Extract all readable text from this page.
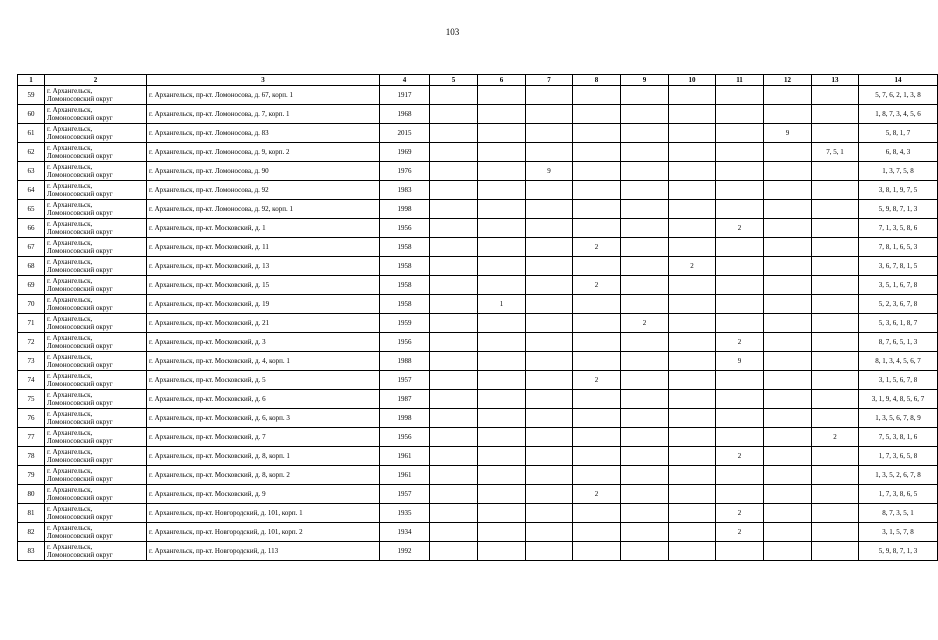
103
1	2	3	4	5	6	7	8	9	10	11	12	13	14
59	г. Архангельск,
Ломоносовский округ	г. Архангельск, пр-кт. Ломоносова, д. 67, корп. 1	1917										5, 7, 6, 2, 1, 3, 8
60	г. Архангельск,
Ломоносовский округ	г. Архангельск, пр-кт. Ломоносова, д. 7, корп. 1	1968										1, 8, 7, 3, 4, 5, 6
61	г. Архангельск,
Ломоносовский округ	г. Архангельск, пр-кт. Ломоносова, д. 83	2015								9		5, 8, 1, 7
62	г. Архангельск,
Ломоносовский округ	г. Архангельск, пр-кт. Ломоносова, д. 9, корп. 2	1969									7, 5, 1	6, 8, 4, 3
63	г. Архангельск,
Ломоносовский округ	г. Архангельск, пр-кт. Ломоносова, д. 90	1976			9							1, 3, 7, 5, 8
64	г. Архангельск,
Ломоносовский округ	г. Архангельск, пр-кт. Ломоносова, д. 92	1983										3, 8, 1, 9, 7, 5
65	г. Архангельск,
Ломоносовский округ	г. Архангельск, пр-кт. Ломоносова, д. 92, корп. 1	1998										5, 9, 8, 7, 1, 3
66	г. Архангельск,
Ломоносовский округ	г. Архангельск, пр-кт. Московский, д. 1	1956							2			7, 1, 3, 5, 8, 6
67	г. Архангельск,
Ломоносовский округ	г. Архангельск, пр-кт. Московский, д. 11	1958				2						7, 8, 1, 6, 5, 3
68	г. Архангельск,
Ломоносовский округ	г. Архангельск, пр-кт. Московский, д. 13	1958						2				3, 6, 7, 8, 1, 5
69	г. Архангельск,
Ломоносовский округ	г. Архангельск, пр-кт. Московский, д. 15	1958				2						3, 5, 1, 6, 7, 8
70	г. Архангельск,
Ломоносовский округ	г. Архангельск, пр-кт. Московский, д. 19	1958		1								5, 2, 3, 6, 7, 8
71	г. Архангельск,
Ломоносовский округ	г. Архангельск, пр-кт. Московский, д. 21	1959					2					5, 3, 6, 1, 8, 7
72	г. Архангельск,
Ломоносовский округ	г. Архангельск, пр-кт. Московский, д. 3	1956							2			8, 7, 6, 5, 1, 3
73	г. Архангельск,
Ломоносовский округ	г. Архангельск, пр-кт. Московский, д. 4, корп. 1	1988							9			8, 1, 3, 4, 5, 6, 7
74	г. Архангельск,
Ломоносовский округ	г. Архангельск, пр-кт. Московский, д. 5	1957				2						3, 1, 5, 6, 7, 8
75	г. Архангельск,
Ломоносовский округ	г. Архангельск, пр-кт. Московский, д. 6	1987										3, 1, 9, 4, 8, 5, 6, 7
76	г. Архангельск,
Ломоносовский округ	г. Архангельск, пр-кт. Московский, д. 6, корп. 3	1998										1, 3, 5, 6, 7, 8, 9
77	г. Архангельск,
Ломоносовский округ	г. Архангельск, пр-кт. Московский, д. 7	1956									2	7, 5, 3, 8, 1, 6
78	г. Архангельск,
Ломоносовский округ	г. Архангельск, пр-кт. Московский, д. 8, корп. 1	1961							2			1, 7, 3, 6, 5, 8
79	г. Архангельск,
Ломоносовский округ	г. Архангельск, пр-кт. Московский, д. 8, корп. 2	1961										1, 3, 5, 2, 6, 7, 8
80	г. Архангельск,
Ломоносовский округ	г. Архангельск, пр-кт. Московский, д. 9	1957				2						1, 7, 3, 8, 6, 5
81	г. Архангельск,
Ломоносовский округ	г. Архангельск, пр-кт. Новгородский, д. 101, корп. 1	1935							2			8, 7, 3, 5, 1
82	г. Архангельск,
Ломоносовский округ	г. Архангельск, пр-кт. Новгородский, д. 101, корп. 2	1934							2			3, 1, 5, 7, 8
83	г. Архангельск,
Ломоносовский округ	г. Архангельск, пр-кт. Новгородский, д. 113	1992										5, 9, 8, 7, 1, 3
